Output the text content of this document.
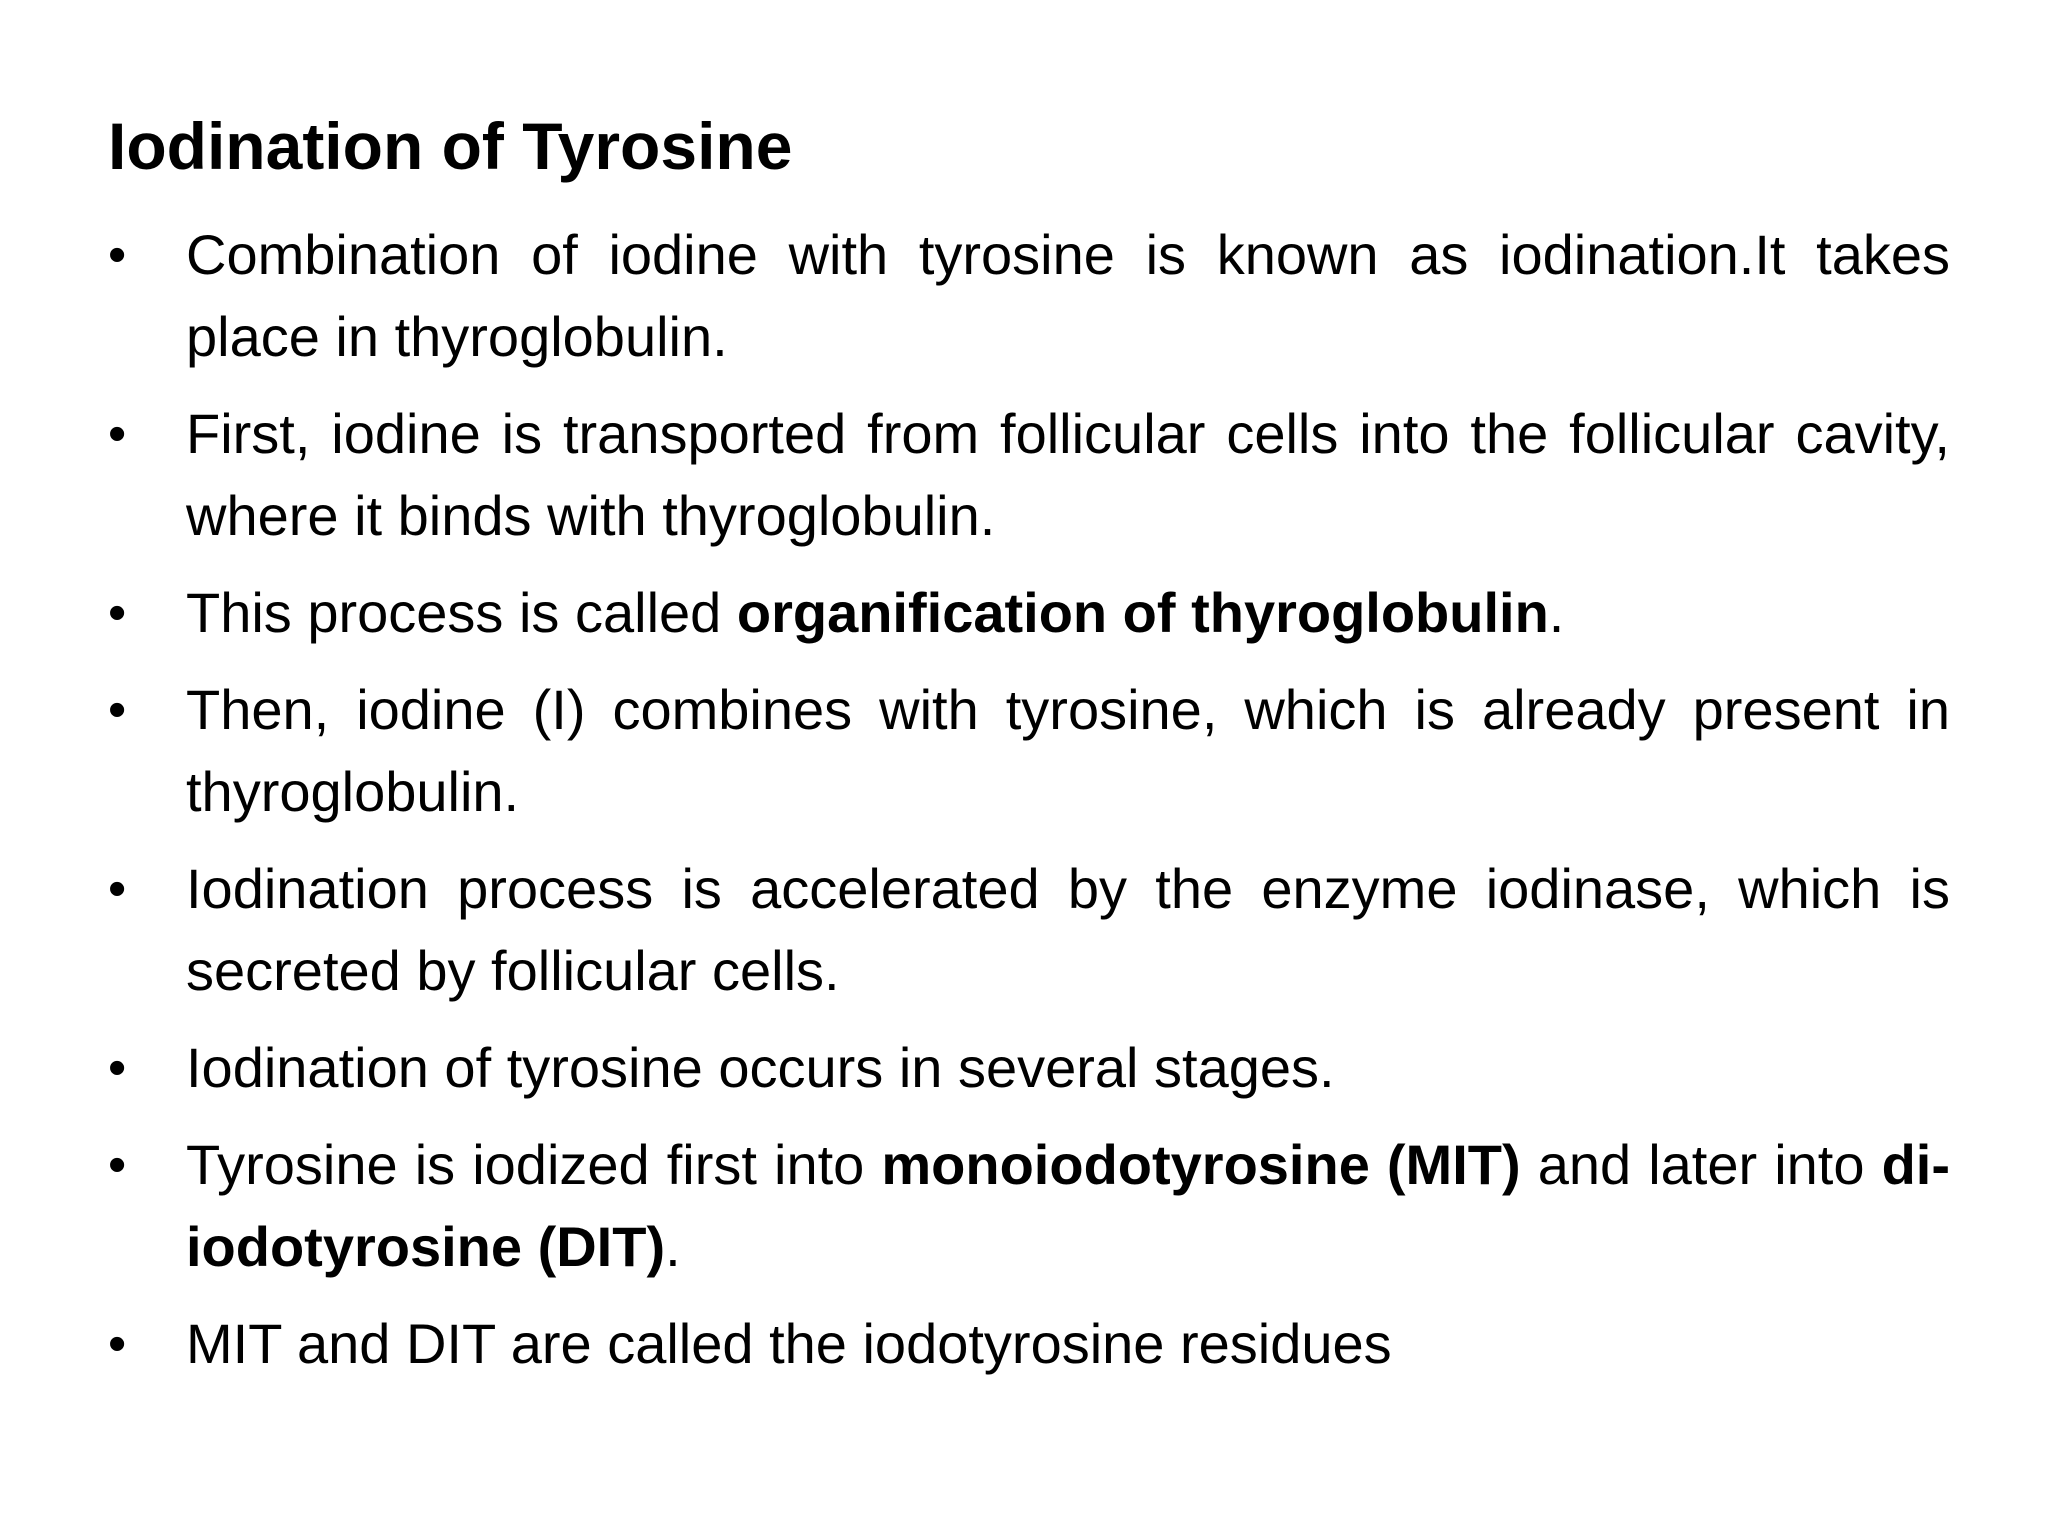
Iodination of Tyrosine
•	Combination of iodine with tyrosine is known as iodination.It takes place in thyroglobulin.
•	First, iodine is transported from follicular cells into the follicular cavity, where it binds with thyroglobulin.
•	This process is called organification of thyroglobulin.
•	Then, iodine (I) combines with tyrosine, which is already present in thyroglobulin.
•	Iodination process is accelerated by the enzyme iodinase, which is secreted by follicular cells.
•	Iodination of tyrosine occurs in several stages.
•	Tyrosine is iodized first into monoiodotyrosine (MIT) and later into di-iodotyrosine (DIT).
•	MIT and DIT are called the iodotyrosine residues
